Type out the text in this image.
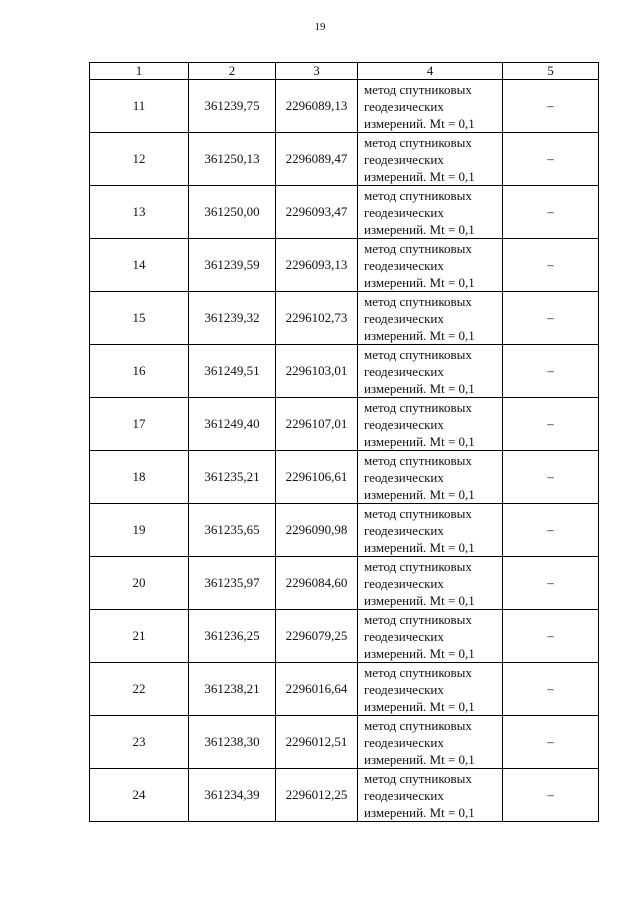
19
1	2	3	4	5
11	361239,75	2296089,13	метод спутниковых
геодезических
измерений. Mt = 0,1	–
12	361250,13	2296089,47	метод спутниковых
геодезических
измерений. Mt = 0,1	–
13	361250,00	2296093,47	метод спутниковых
геодезических
измерений. Mt = 0,1	–
14	361239,59	2296093,13	метод спутниковых
геодезических
измерений. Mt = 0,1	–
15	361239,32	2296102,73	метод спутниковых
геодезических
измерений. Mt = 0,1	–
16	361249,51	2296103,01	метод спутниковых
геодезических
измерений. Mt = 0,1	–
17	361249,40	2296107,01	метод спутниковых
геодезических
измерений. Mt = 0,1	–
18	361235,21	2296106,61	метод спутниковых
геодезических
измерений. Mt = 0,1	–
19	361235,65	2296090,98	метод спутниковых
геодезических
измерений. Mt = 0,1	–
20	361235,97	2296084,60	метод спутниковых
геодезических
измерений. Mt = 0,1	–
21	361236,25	2296079,25	метод спутниковых
геодезических
измерений. Mt = 0,1	–
22	361238,21	2296016,64	метод спутниковых
геодезических
измерений. Mt = 0,1	–
23	361238,30	2296012,51	метод спутниковых
геодезических
измерений. Mt = 0,1	–
24	361234,39	2296012,25	метод спутниковых
геодезических
измерений. Mt = 0,1	–
